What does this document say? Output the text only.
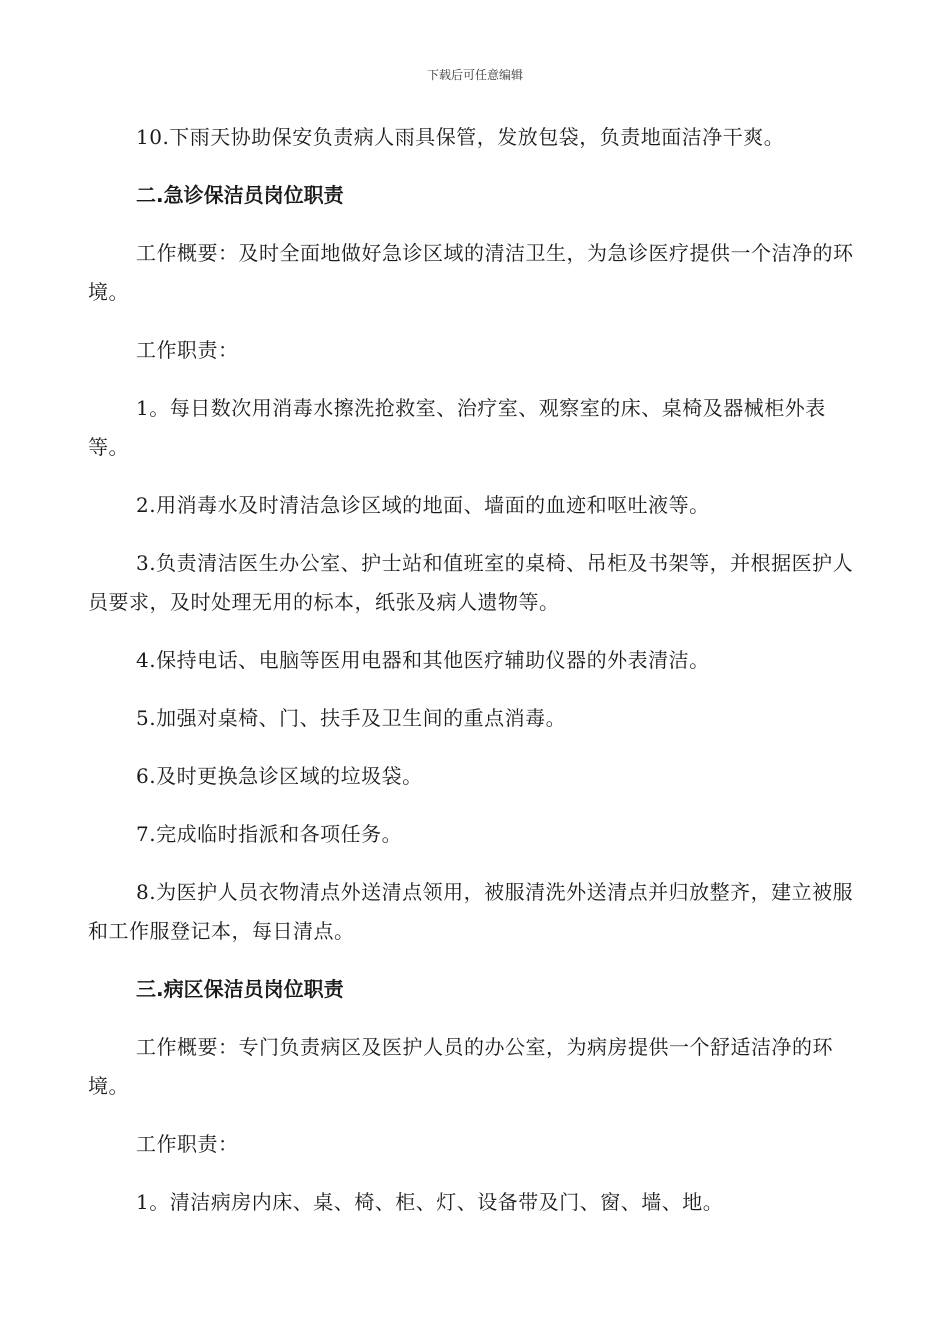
下载后可任意编辑

10.下雨天协助保安负责病人雨具保管，发放包袋，负责地面洁净干爽。

二.急诊保洁员岗位职责

工作概要：及时全面地做好急诊区域的清洁卫生，为急诊医疗提供一个洁净的环境。

工作职责：

1。每日数次用消毒水擦洗抢救室、治疗室、观察室的床、桌椅及器械柜外表等。

2.用消毒水及时清洁急诊区域的地面、墙面的血迹和呕吐液等。

3.负责清洁医生办公室、护士站和值班室的桌椅、吊柜及书架等，并根据医护人员要求，及时处理无用的标本，纸张及病人遗物等。

4.保持电话、电脑等医用电器和其他医疗辅助仪器的外表清洁。

5.加强对桌椅、门、扶手及卫生间的重点消毒。

6.及时更换急诊区域的垃圾袋。

7.完成临时指派和各项任务。

8.为医护人员衣物清点外送清点领用，被服清洗外送清点并归放整齐，建立被服和工作服登记本，每日清点。

三.病区保洁员岗位职责

工作概要：专门负责病区及医护人员的办公室，为病房提供一个舒适洁净的环境。

工作职责：

1。清洁病房内床、桌、椅、柜、灯、设备带及门、窗、墙、地。
